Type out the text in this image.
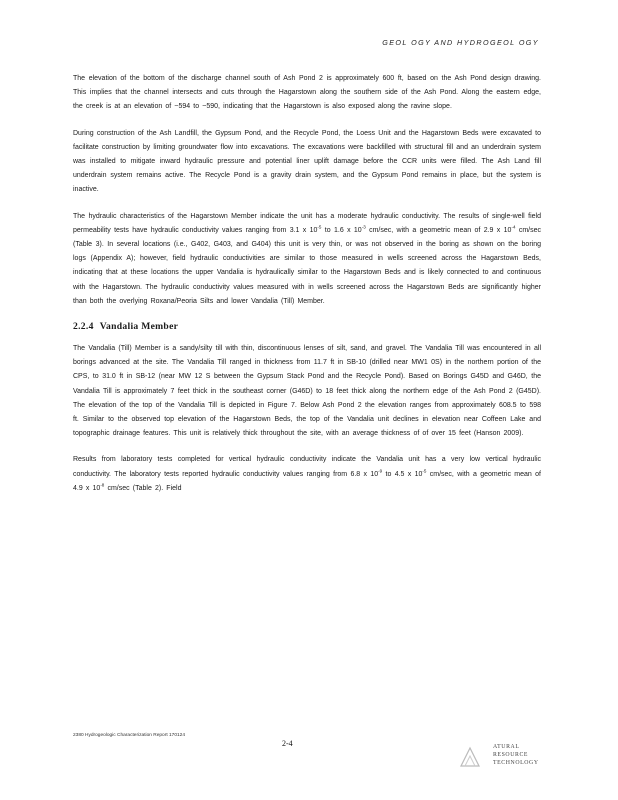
GEOL OGY AND HYDROGEOL OGY

The elevation of the bottom of the discharge channel south of Ash Pond 2 is approximately 600 ft, based on the Ash Pond design drawing. This implies that the channel intersects and cuts through the Hagarstown along the southern side of the Ash Pond. Along the eastern edge, the creek is at an elevation of ~594 to ~590, indicating that the Hagarstown is also exposed along the ravine slope.

During construction of the Ash Landfill, the Gypsum Pond, and the Recycle Pond, the Loess Unit and the Hagarstown Beds were excavated to facilitate construction by limiting groundwater flow into excavations. The excavations were backfilled with structural fill and an underdrain system was installed to mitigate inward hydraulic pressure and potential liner uplift damage before the CCR units were filled. The Ash Land fill underdrain system remains active. The Recycle Pond is a gravity drain system, and the Gypsum Pond remains in place, but the system is inactive.

The hydraulic characteristics of the Hagarstown Member indicate the unit has a moderate hydraulic conductivity. The results of single-well field permeability tests have hydraulic conductivity values ranging from 3.1 x $10^{-5}$ to 1.6 x $10^{-3}$ cm/sec, with a geometric mean of 2.9 x $10^{-4}$ cm/sec (Table 3). In several locations (i.e., G402, G403, and G404) this unit is very thin, or was not observed in the boring as shown on the boring logs (Appendix A); however, field hydraulic conductivities are similar to those measured in wells screened across the Hagarstown Beds, indicating that at these locations the upper Vandalia is hydraulically similar to the Hagarstown Beds and is likely connected to and continuous with the Hagarstown. The hydraulic conductivity values measured with in wells screened across the Hagarstown Beds are significantly higher than both the overlying Roxana/Peoria Silts and lower Vandalia (Till) Member.

2.2.4 Vandalia Member

The Vandalia (Till) Member is a sandy/silty till with thin, discontinuous lenses of silt, sand, and gravel. The Vandalia Till was encountered in all borings advanced at the site. The Vandalia Till ranged in thickness from 11.7 ft in SB-10 (drilled near MW1 0S) in the northern portion of the CPS, to 31.0 ft in SB-12 (near MW 12 S between the Gypsum Stack Pond and the Recycle Pond). Based on Borings G45D and G46D, the Vandalia Till is approximately 7 feet thick in the southeast corner (G46D) to 18 feet thick along the northern edge of the Ash Pond 2 (G45D). The elevation of the top of the Vandalia Till is depicted in Figure 7. Below Ash Pond 2 the elevation ranges from approximately 608.5 to 598 ft. Similar to the observed top elevation of the Hagarstown Beds, the top of the Vandalia unit declines in elevation near Coffeen Lake and topographic drainage features. This unit is relatively thick throughout the site, with an average thickness of of over 15 feet (Hanson 2009).

Results from laboratory tests completed for vertical hydraulic conductivity indicate the Vandalia unit has a very low vertical hydraulic conductivity. The laboratory tests reported hydraulic conductivity values ranging from 6.8 x $10^{-9}$ to 4.5 x $10^{-5}$ cm/sec, with a geometric mean of 4.9 x $10^{-8}$ cm/sec (Table 2). Field

2380 Hydrogeologic Characterization Report 170124
2-4	ATURAL
RESOURCE
TECHNOLOGY
